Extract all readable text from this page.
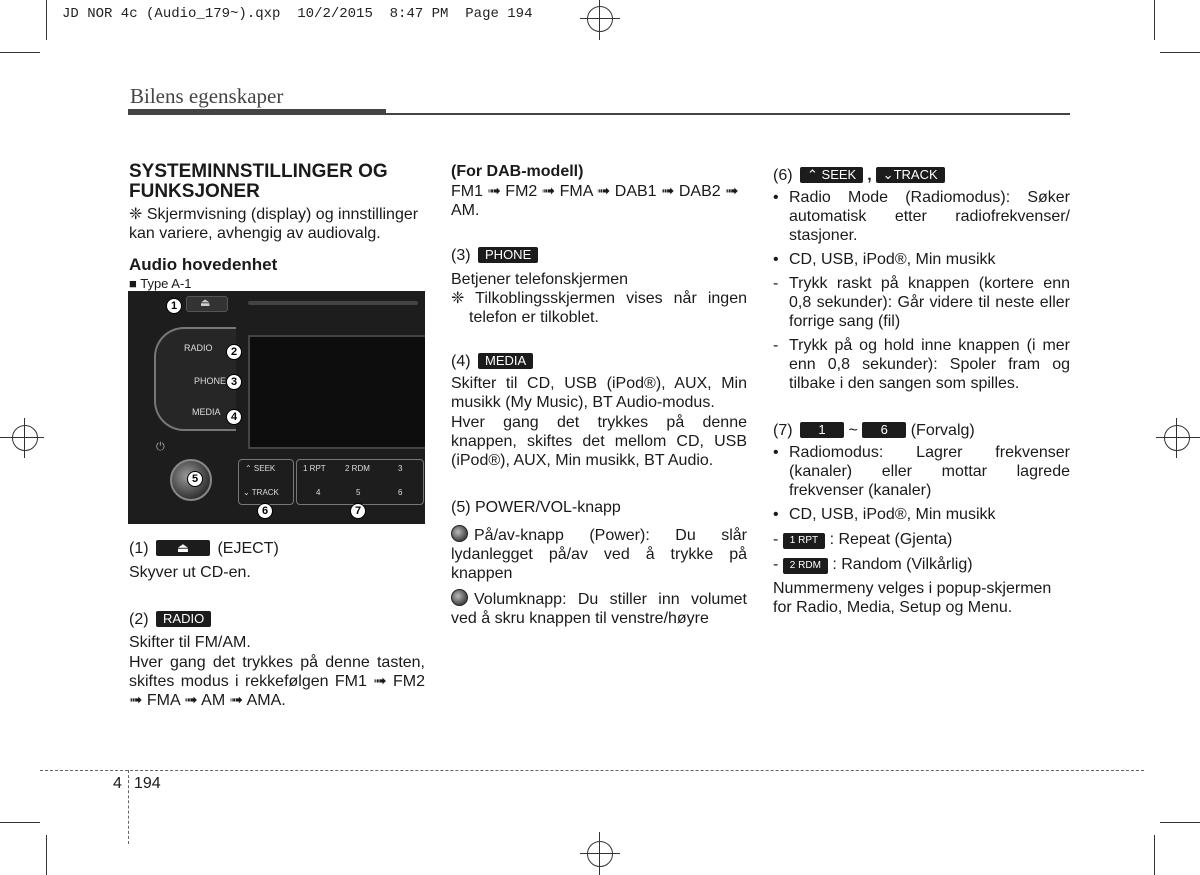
JD NOR 4c (Audio_179~).qxp  10/2/2015  8:47 PM  Page 194
Bilens egenskaper
SYSTEMINNSTILLINGER OG FUNKSJONER
❈ Skjermvisning (display) og innstillinger kan variere, avhengig av audiovalg.
Audio hovedenhet
■ Type A-1
⏏
RADIO
PHONE
MEDIA
⏻
⌃ SEEK
⌄ TRACK
1 RPT 2 RDM	3
4	5	6
1
2
3
4
5
6	7
(1) ⏏ (EJECT)
Skyver ut CD-en.
(2) RADIO
Skifter til FM/AM.
Hver gang det trykkes på denne tasten, skiftes modus i rekkefølgen FM1 ➟ FM2 ➟ FMA ➟ AM ➟ AMA.
(For DAB-modell)
FM1 ➟ FM2 ➟ FMA ➟ DAB1 ➟ DAB2 ➟ AM.
(3) PHONE
Betjener telefonskjermen
❈ Tilkoblingsskjermen vises når ingen telefon er tilkoblet.
(4) MEDIA
Skifter til CD, USB (iPod®), AUX, Min musikk (My Music), BT Audio-modus.
Hver gang det trykkes på denne knappen, skiftes det mellom CD, USB (iPod®), AUX, Min musikk, BT Audio.
(5) POWER/VOL-knapp
På/av-knapp (Power): Du slår lydanlegget på/av ved å trykke på knappen
Volumknapp: Du stiller inn volumet ved å skru knappen til venstre/høyre
(6) ⌃ SEEK , ⌄TRACK
• Radio Mode (Radiomodus): Søker automatisk etter radiofrekvenser/ stasjoner.
• CD, USB, iPod®, Min musikk
- Trykk raskt på knappen (kortere enn 0,8 sekunder): Går videre til neste eller forrige sang (fil)
- Trykk på og hold inne knappen (i mer enn 0,8 sekunder): Spoler fram og tilbake i den sangen som spilles.
(7) 1 ~ 6 (Forvalg)
• Radiomodus: Lagrer frekvenser (kanaler) eller mottar lagrede frekvenser (kanaler)
• CD, USB, iPod®, Min musikk
- 1 RPT : Repeat (Gjenta)
- 2 RDM : Random (Vilkårlig)
Nummermeny velges i popup-skjermen for Radio, Media, Setup og Menu.
4 194
